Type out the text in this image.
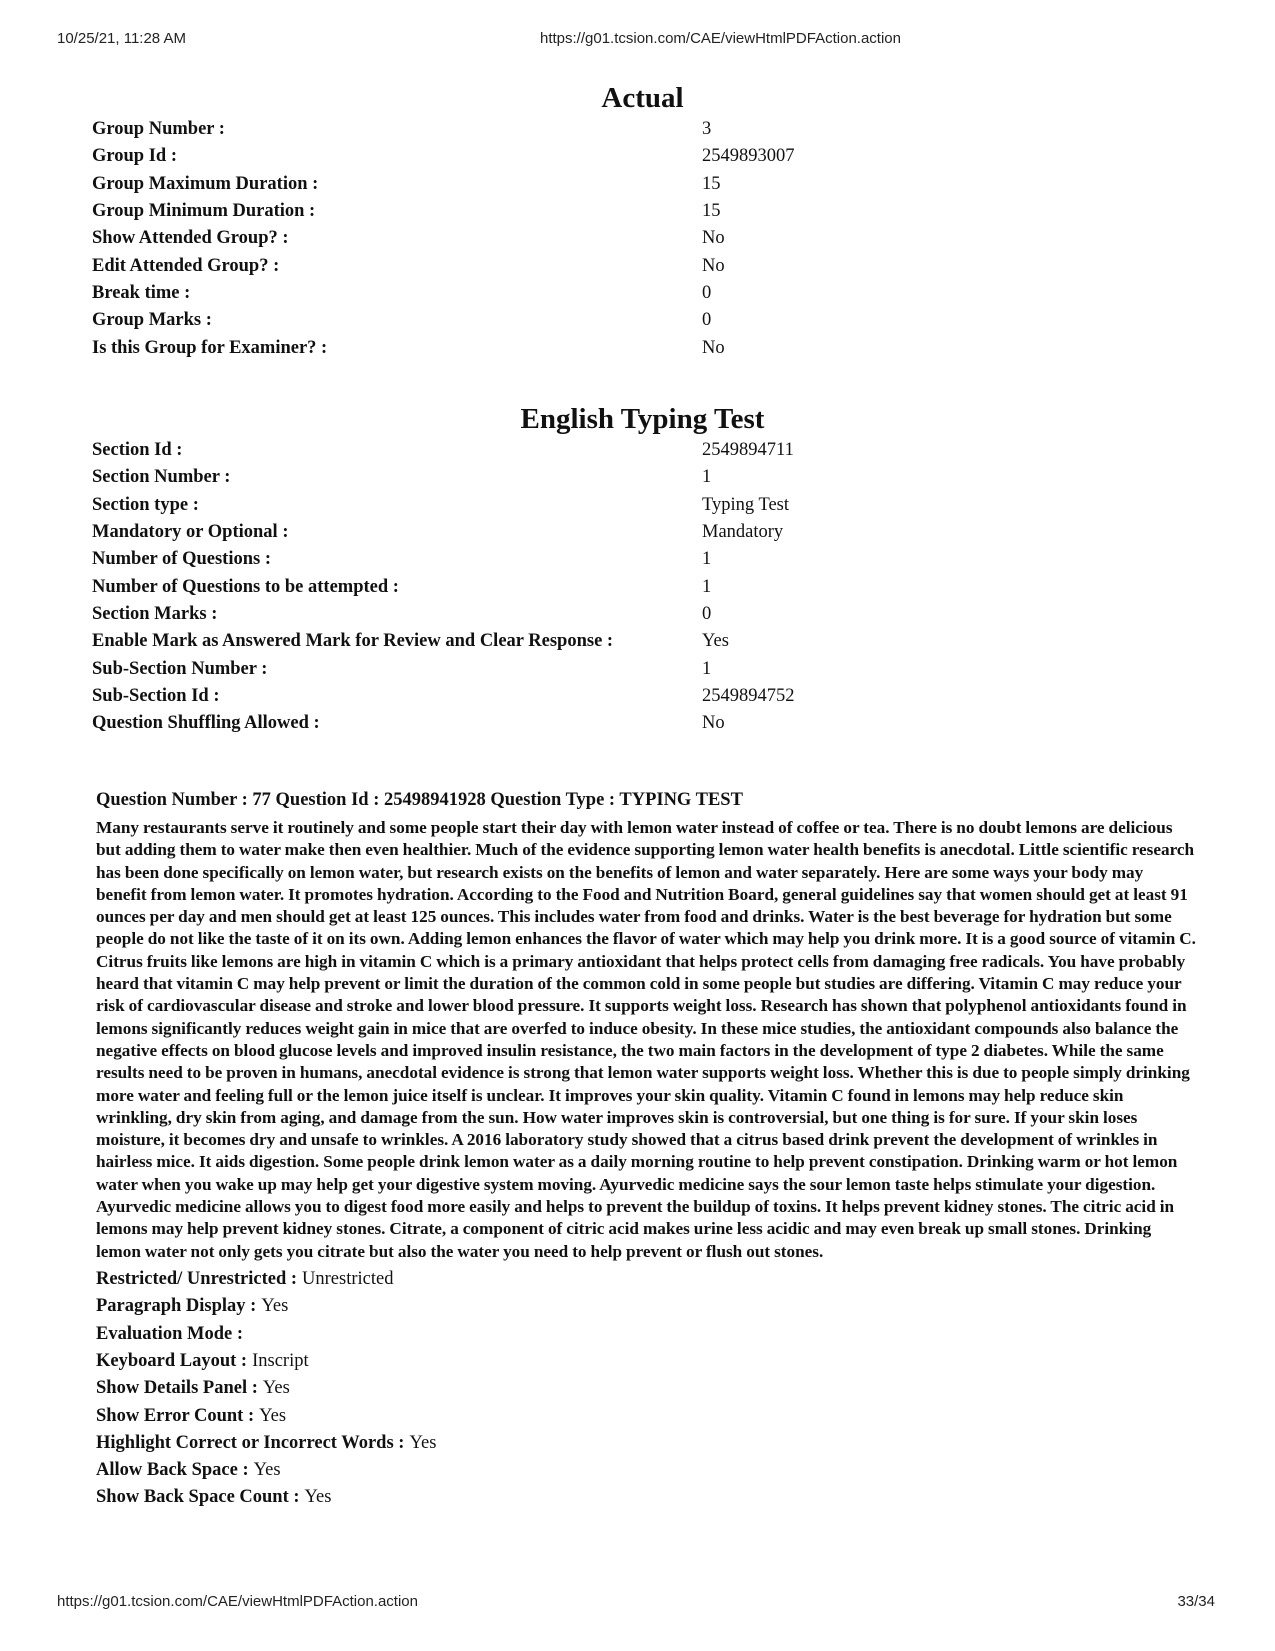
10/25/21, 11:28 AM	https://g01.tcsion.com/CAE/viewHtmlPDFAction.action
Actual
Group Number :	3
Group Id :	2549893007
Group Maximum Duration :	15
Group Minimum Duration :	15
Show Attended Group? :	No
Edit Attended Group? :	No
Break time :	0
Group Marks :	0
Is this Group for Examiner? :	No
English Typing Test
Section Id :	2549894711
Section Number :	1
Section type :	Typing Test
Mandatory or Optional :	Mandatory
Number of Questions :	1
Number of Questions to be attempted :	1
Section Marks :	0
Enable Mark as Answered Mark for Review and Clear Response :	Yes
Sub-Section Number :	1
Sub-Section Id :	2549894752
Question Shuffling Allowed :	No
Question Number : 77 Question Id : 25498941928 Question Type : TYPING TEST

Many restaurants serve it routinely and some people start their day with lemon water instead of coffee or tea. There is no doubt lemons are delicious but adding them to water make then even healthier. Much of the evidence supporting lemon water health benefits is anecdotal. Little scientific research has been done specifically on lemon water, but research exists on the benefits of lemon and water separately. Here are some ways your body may benefit from lemon water. It promotes hydration. According to the Food and Nutrition Board, general guidelines say that women should get at least 91 ounces per day and men should get at least 125 ounces. This includes water from food and drinks. Water is the best beverage for hydration but some people do not like the taste of it on its own. Adding lemon enhances the flavor of water which may help you drink more. It is a good source of vitamin C. Citrus fruits like lemons are high in vitamin C which is a primary antioxidant that helps protect cells from damaging free radicals. You have probably heard that vitamin C may help prevent or limit the duration of the common cold in some people but studies are differing. Vitamin C may reduce your risk of cardiovascular disease and stroke and lower blood pressure. It supports weight loss. Research has shown that polyphenol antioxidants found in lemons significantly reduces weight gain in mice that are overfed to induce obesity. In these mice studies, the antioxidant compounds also balance the negative effects on blood glucose levels and improved insulin resistance, the two main factors in the development of type 2 diabetes. While the same results need to be proven in humans, anecdotal evidence is strong that lemon water supports weight loss. Whether this is due to people simply drinking more water and feeling full or the lemon juice itself is unclear. It improves your skin quality. Vitamin C found in lemons may help reduce skin wrinkling, dry skin from aging, and damage from the sun. How water improves skin is controversial, but one thing is for sure. If your skin loses moisture, it becomes dry and unsafe to wrinkles. A 2016 laboratory study showed that a citrus based drink prevent the development of wrinkles in hairless mice. It aids digestion. Some people drink lemon water as a daily morning routine to help prevent constipation. Drinking warm or hot lemon water when you wake up may help get your digestive system moving. Ayurvedic medicine says the sour lemon taste helps stimulate your digestion. Ayurvedic medicine allows you to digest food more easily and helps to prevent the buildup of toxins. It helps prevent kidney stones. The citric acid in lemons may help prevent kidney stones. Citrate, a component of citric acid makes urine less acidic and may even break up small stones. Drinking lemon water not only gets you citrate but also the water you need to help prevent or flush out stones.

Restricted/ Unrestricted : Unrestricted
Paragraph Display : Yes
Evaluation Mode :
Keyboard Layout : Inscript
Show Details Panel : Yes
Show Error Count : Yes
Highlight Correct or Incorrect Words : Yes
Allow Back Space : Yes
Show Back Space Count : Yes
https://g01.tcsion.com/CAE/viewHtmlPDFAction.action	33/34
